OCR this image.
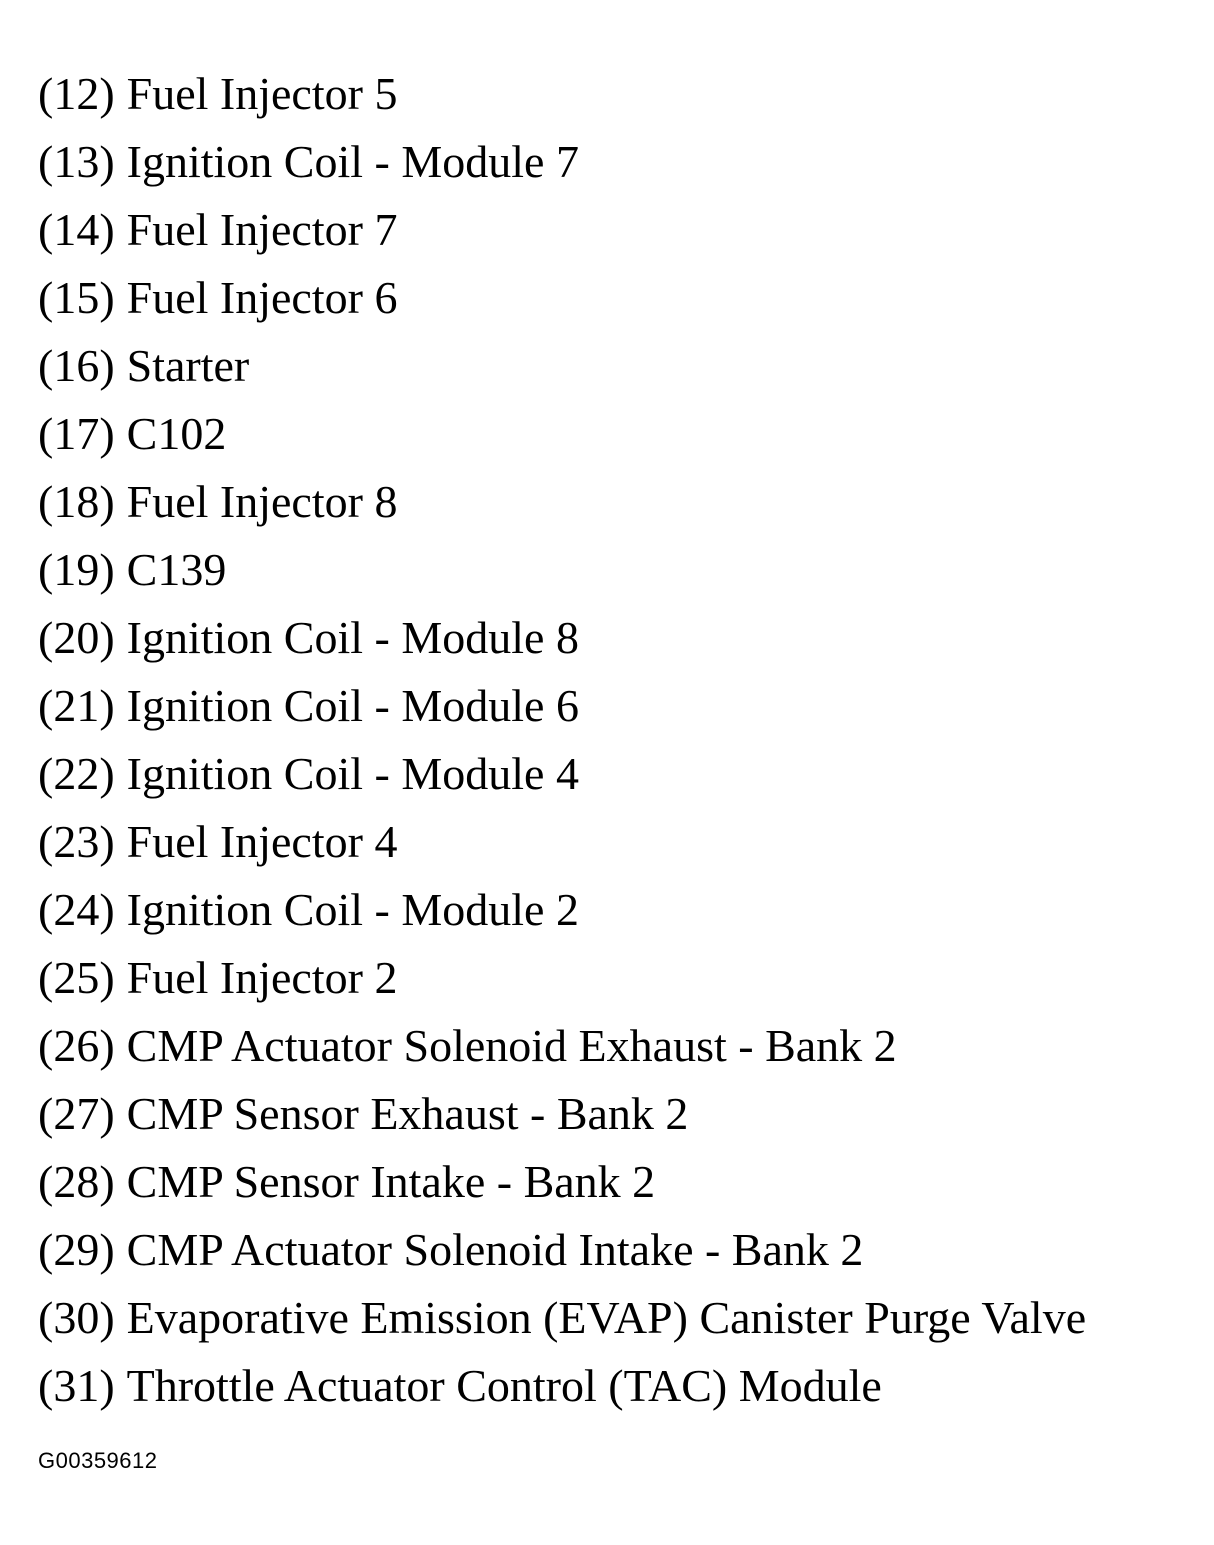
(12) Fuel Injector 5
(13) Ignition Coil - Module 7
(14) Fuel Injector 7
(15) Fuel Injector 6
(16) Starter
(17) C102
(18) Fuel Injector 8
(19) C139
(20) Ignition Coil - Module 8
(21) Ignition Coil - Module 6
(22) Ignition Coil - Module 4
(23) Fuel Injector 4
(24) Ignition Coil - Module 2
(25) Fuel Injector 2
(26) CMP Actuator Solenoid Exhaust - Bank 2
(27) CMP Sensor Exhaust - Bank 2
(28) CMP Sensor Intake - Bank 2
(29) CMP Actuator Solenoid Intake - Bank 2
(30) Evaporative Emission (EVAP) Canister Purge Valve
(31) Throttle Actuator Control (TAC) Module
G00359612
